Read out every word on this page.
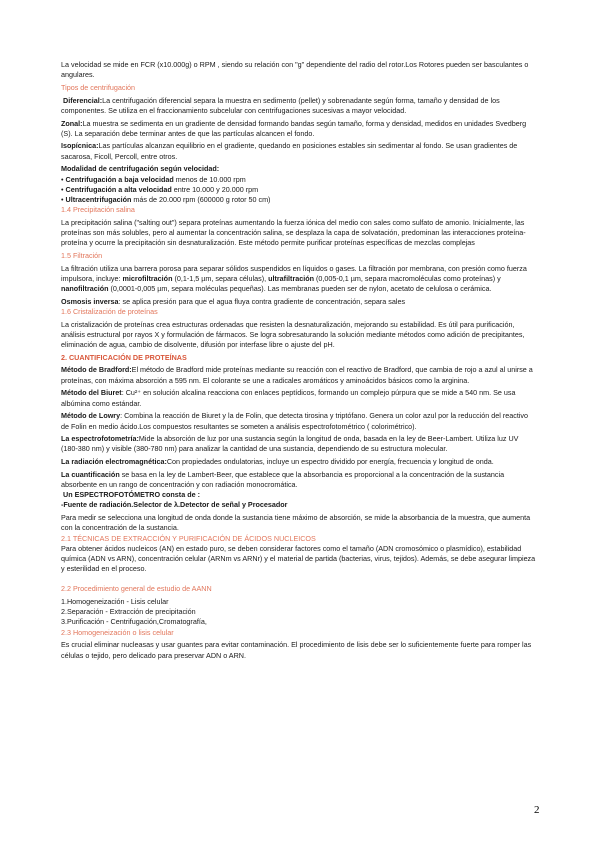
La velocidad se mide en FCR (x10.000g) o RPM , siendo su relación con "g" dependiente del radio del rotor.Los Rotores pueden ser basculantes o angulares.

Tipos de centrifugación

Diferencial:La centrifugación diferencial separa la muestra en sedimento (pellet) y sobrenadante según forma, tamaño y densidad de los componentes. Se utiliza en el fraccionamiento subcelular con centrifugaciones sucesivas a mayor velocidad.

Zonal:La muestra se sedimenta en un gradiente de densidad formando bandas según tamaño, forma y densidad, medidos en unidades Svedberg (S). La separación debe terminar antes de que las partículas alcancen el fondo.

Isopícnica:Las partículas alcanzan equilibrio en el gradiente, quedando en posiciones estables sin sedimentar al fondo. Se usan gradientes de sacarosa, Ficoll, Percoll, entre otros.

Modalidad de centrifugación según velocidad:

• Centrifugación a baja velocidad menos de 10.000 rpm

• Centrifugación a alta velocidad entre 10.000 y 20.000 rpm

• Ultracentrifugación más de 20.000 rpm (600000 g rotor 50 cm)

1.4 Precipitación salina

La precipitación salina ("salting out") separa proteínas aumentando la fuerza iónica del medio con sales como sulfato de amonio. Inicialmente, las proteínas son más solubles, pero al aumentar la concentración salina, se desplaza la capa de solvatación, predominan las interacciones proteína-proteína y ocurre la precipitación sin desnaturalización. Este método permite purificar proteínas específicas de mezclas complejas

1.5 Filtración

La filtración utiliza una barrera porosa para separar sólidos suspendidos en líquidos o gases. La filtración por membrana, con presión como fuerza impulsora, incluye: microfiltración (0,1-1,5 µm, separa células), ultrafiltración (0,005-0,1 µm, separa macromoléculas como proteínas) y nanofiltración (0,0001-0,005 µm, separa moléculas pequeñas). Las membranas pueden ser de nylon, acetato de celulosa o cerámica.

Osmosis inversa: se aplica presión para que el agua fluya contra gradiente de concentración, separa sales

1.6 Cristalización de proteínas

La cristalización de proteínas crea estructuras ordenadas que resisten la desnaturalización, mejorando su estabilidad. Es útil para purificación, análisis estructural por rayos X y formulación de fármacos. Se logra sobresaturando la solución mediante métodos como adición de precipitantes, eliminación de agua, cambio de disolvente, difusión por interfase libre o ajuste del pH.

2. CUANTIFICACIÓN DE PROTEÍNAS

Método de Bradford:El método de Bradford mide proteínas mediante su reacción con el reactivo de Bradford, que cambia de rojo a azul al unirse a proteínas, con máxima absorción a 595 nm. El colorante se une a radicales aromáticos y aminoácidos básicos como la arginina.

Método del Biuret: Cu²⁺ en solución alcalina reacciona con enlaces peptídicos, formando un complejo púrpura que se mide a 540 nm. Se usa albúmina como estándar.

Método de Lowry: Combina la reacción de Biuret y la de Folin, que detecta tirosina y triptófano. Genera un color azul por la reducción del reactivo de Folin en medio ácido.Los compuestos resultantes se someten a análisis espectrofotométrico ( colorimétrico).

La espectrofotometría:Mide la absorción de luz por una sustancia según la longitud de onda, basada en la ley de Beer-Lambert. Utiliza luz UV (180-380 nm) y visible (380-780 nm) para analizar la cantidad de una sustancia, dependiendo de su estructura molecular.

La radiación electromagnética:Con propiedades ondulatorias, incluye un espectro dividido por energía, frecuencia y longitud de onda.

La cuantificación se basa en la ley de Lambert-Beer, que establece que la absorbancia es proporcional a la concentración de la sustancia absorbente en un rango de concentración y con radiación monocromática.

Un ESPECTROFOTÓMETRO consta de :

-Fuente de radiación.Selector de λ.Detector de señal y Procesador

Para medir se selecciona una longitud de onda donde la sustancia tiene máximo de absorción, se mide la absorbancia de la muestra, que aumenta con la concentración de la sustancia.

2.1 TÉCNICAS DE EXTRACCIÓN Y PURIFICACIÓN DE ÁCIDOS NUCLEICOS

Para obtener ácidos nucleicos (AN) en estado puro, se deben considerar factores como el tamaño (ADN cromosómico o plasmídico), estabilidad química (ADN vs ARN), concentración celular (ARNm vs ARNr) y el material de partida (bacterias, virus, tejidos). Además, se debe asegurar limpieza y esterilidad en el proceso.

2.2 Procedimiento general de estudio de AANN

1.Homogeneización - Lisis celular

2.Separación - Extracción de precipitación

3.Purificación - Centrifugación,Cromatografía,

2.3 Homogeneización o lisis celular

Es crucial eliminar nucleasas y usar guantes para evitar contaminación. El procedimiento de lisis debe ser lo suficientemente fuerte para romper las células o tejido, pero delicado para preservar ADN o ARN.

2
